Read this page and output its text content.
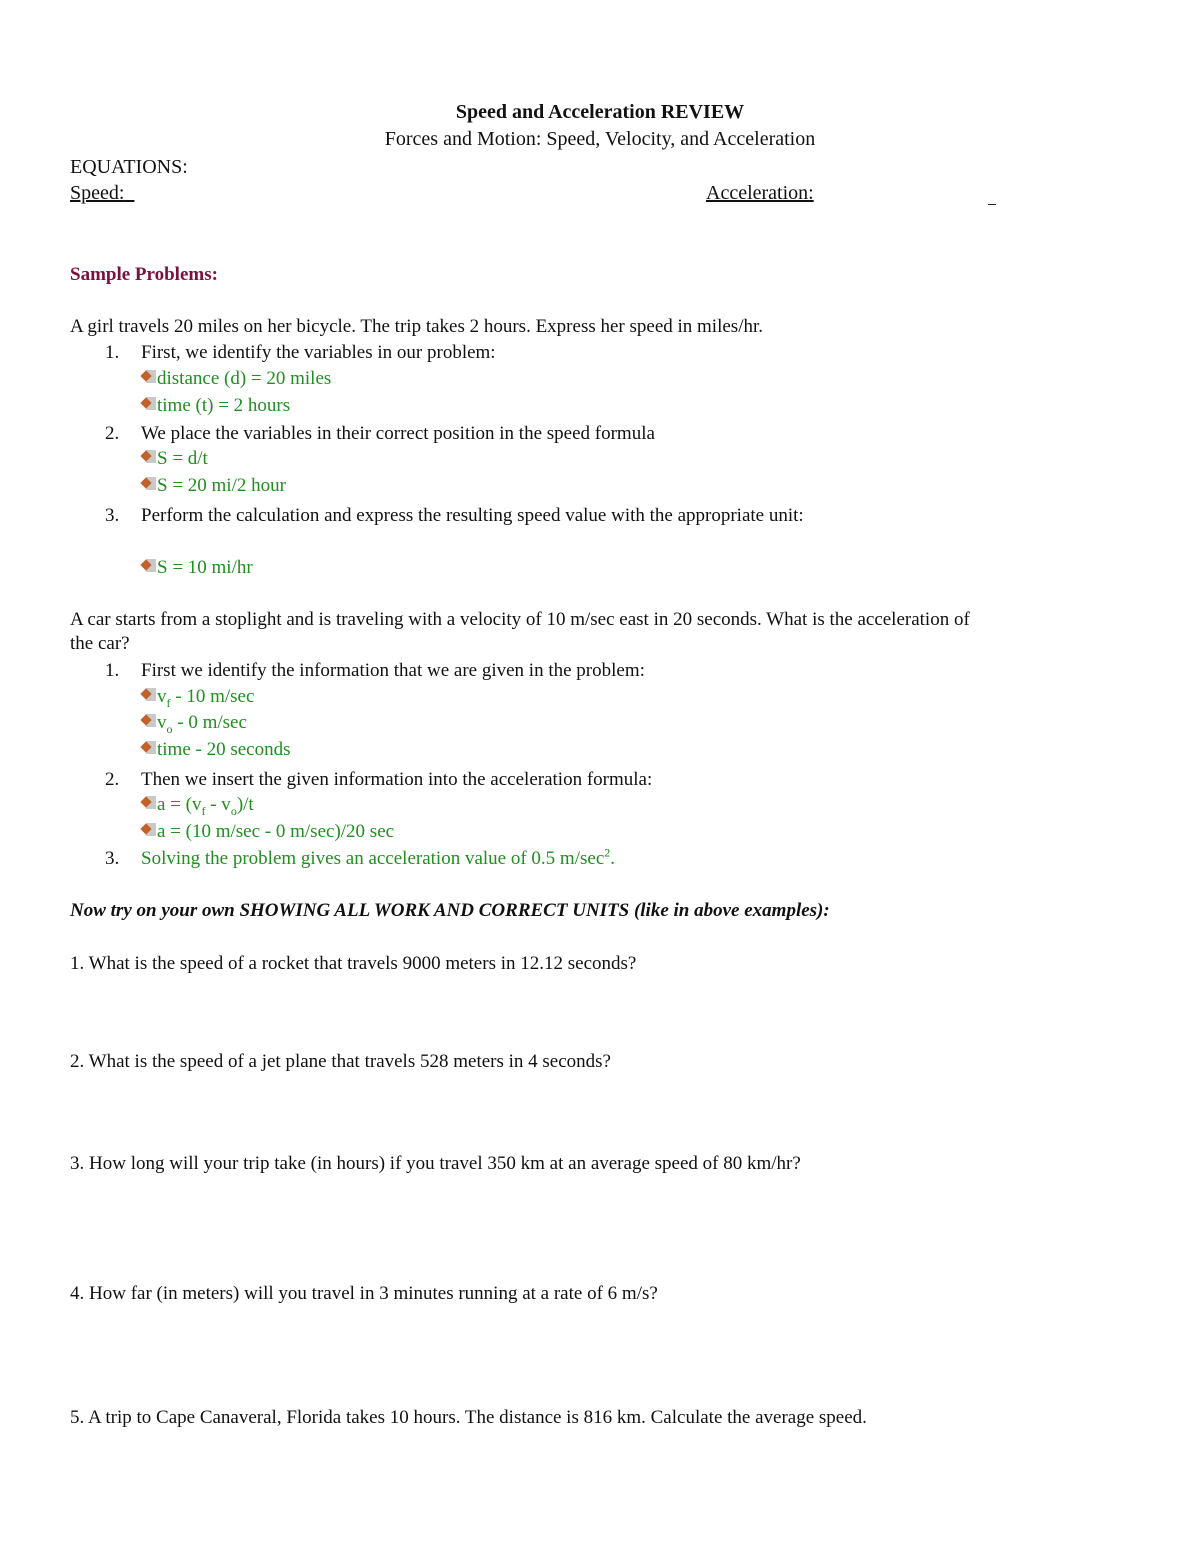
Speed and Acceleration REVIEW
Forces and Motion: Speed, Velocity, and Acceleration
EQUATIONS:
Speed:	Acceleration:
Sample Problems:
A girl travels 20 miles on her bicycle. The trip takes 2 hours. Express her speed in miles/hr.
1. First, we identify the variables in our problem:
distance (d) = 20 miles
time (t) = 2 hours
2. We place the variables in their correct position in the speed formula
S = d/t
S = 20 mi/2 hour
3. Perform the calculation and express the resulting speed value with the appropriate unit:
S = 10 mi/hr
A car starts from a stoplight and is traveling with a velocity of 10 m/sec east in 20 seconds. What is the acceleration of
the car?
1. First we identify the information that we are given in the problem:
$v_f - 10$ m/sec
$v_o - 0$ m/sec
time - 20 seconds
2. Then we insert the given information into the acceleration formula:
$a = (v_f - v_o)/t$
a = (10 m/sec - 0 m/sec)/20 sec
3. Solving the problem gives an acceleration value of 0.5 $m/\sec^2$.
Now try on your own SHOWING ALL WORK AND CORRECT UNITS (like in above examples):
1. What is the speed of a rocket that travels 9000 meters in 12.12 seconds?
2. What is the speed of a jet plane that travels 528 meters in 4 seconds?
3. How long will your trip take (in hours) if you travel 350 km at an average speed of 80 km/hr?
4. How far (in meters) will you travel in 3 minutes running at a rate of 6 m/s?
5. A trip to Cape Canaveral, Florida takes 10 hours. The distance is 816 km. Calculate the average speed.
